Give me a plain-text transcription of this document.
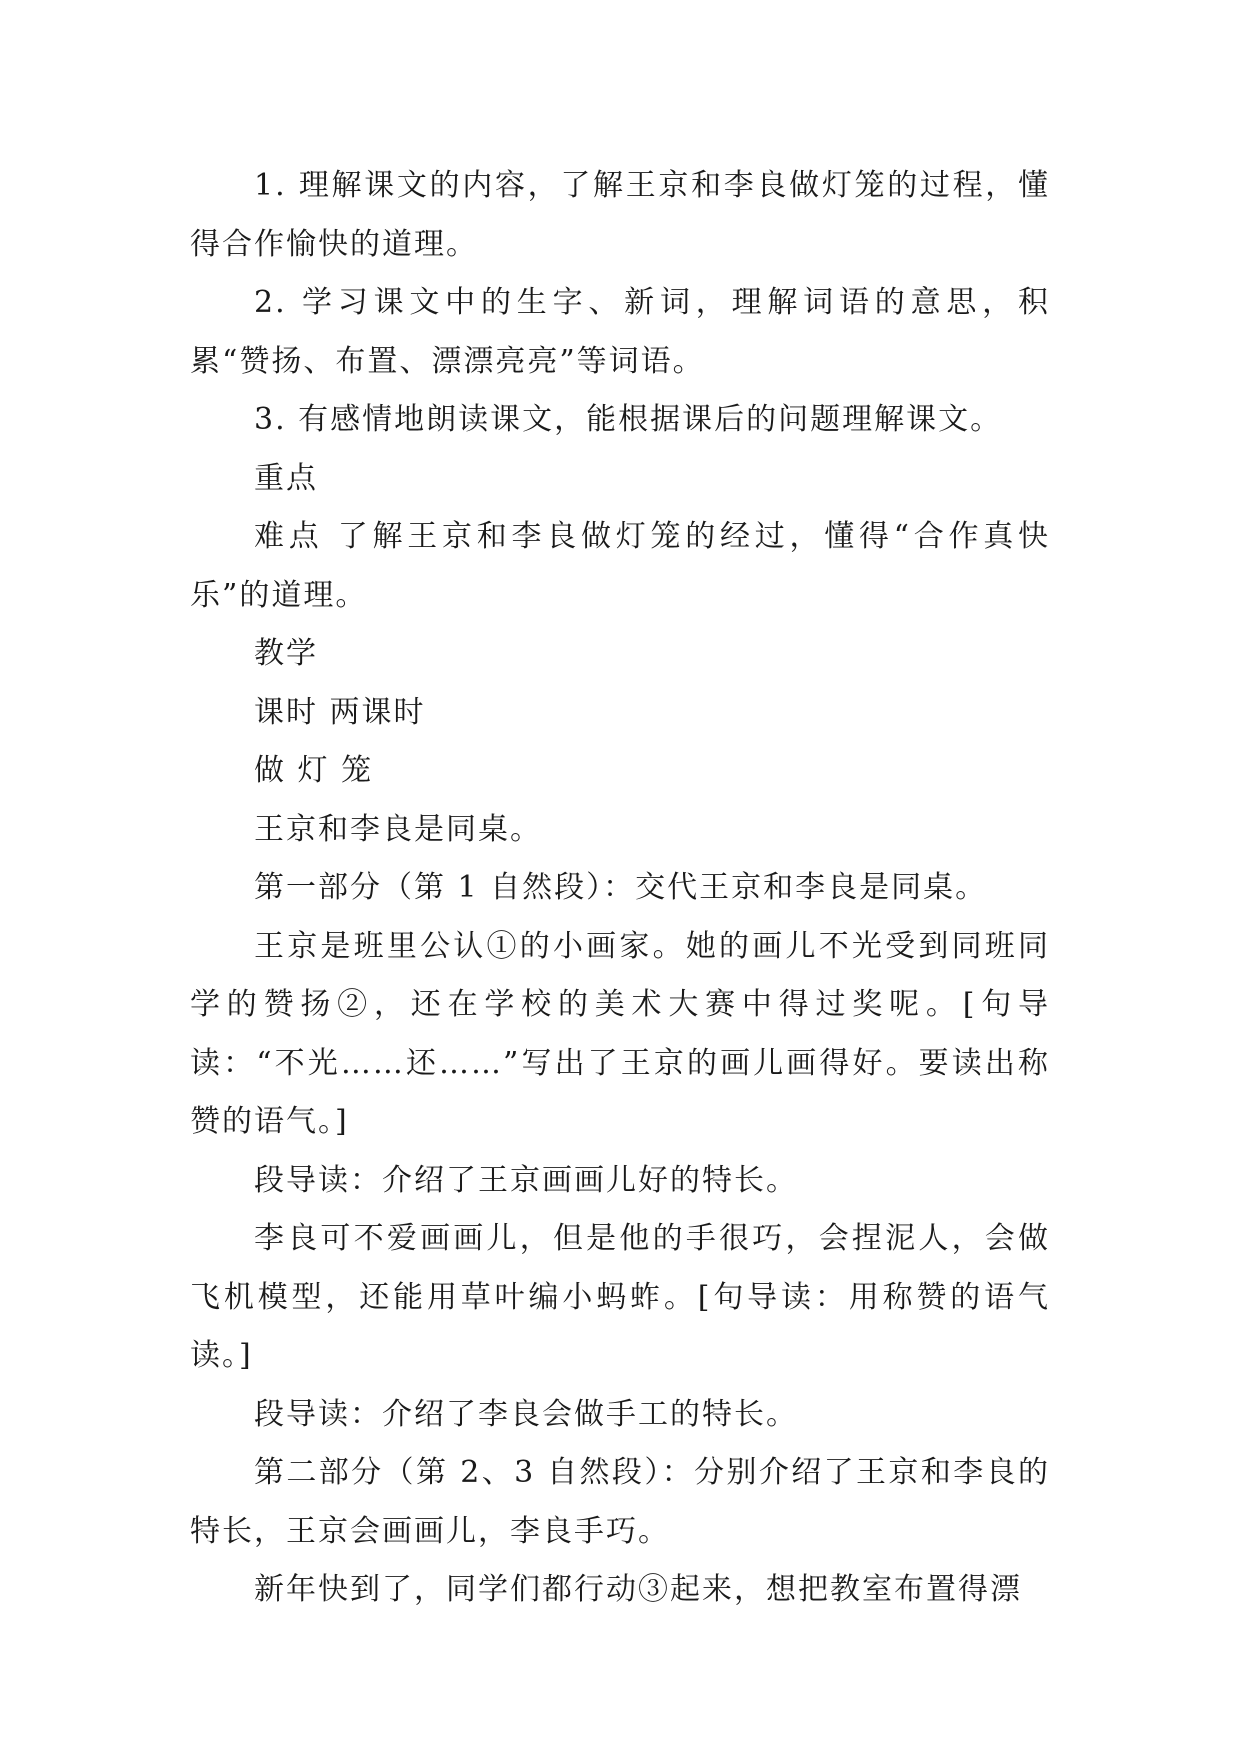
1. 理解课文的内容，了解王京和李良做灯笼的过程，懂得合作愉快的道理。

2. 学习课文中的生字、新词，理解词语的意思，积累“赞扬、布置、漂漂亮亮”等词语。

3. 有感情地朗读课文，能根据课后的问题理解课文。

重点

难点 了解王京和李良做灯笼的经过，懂得“合作真快乐”的道理。

教学

课时 两课时

做 灯 笼

王京和李良是同桌。

第一部分（第 1 自然段）：交代王京和李良是同桌。

王京是班里公认①的小画家。她的画儿不光受到同班同学的赞扬②，还在学校的美术大赛中得过奖呢。[句导读：“不光……还……”写出了王京的画儿画得好。要读出称赞的语气。]

段导读：介绍了王京画画儿好的特长。

李良可不爱画画儿，但是他的手很巧，会捏泥人，会做飞机模型，还能用草叶编小蚂蚱。[句导读：用称赞的语气读。]

段导读：介绍了李良会做手工的特长。

第二部分（第 2、3 自然段）：分别介绍了王京和李良的特长，王京会画画儿，李良手巧。

新年快到了，同学们都行动③起来，想把教室布置得漂
